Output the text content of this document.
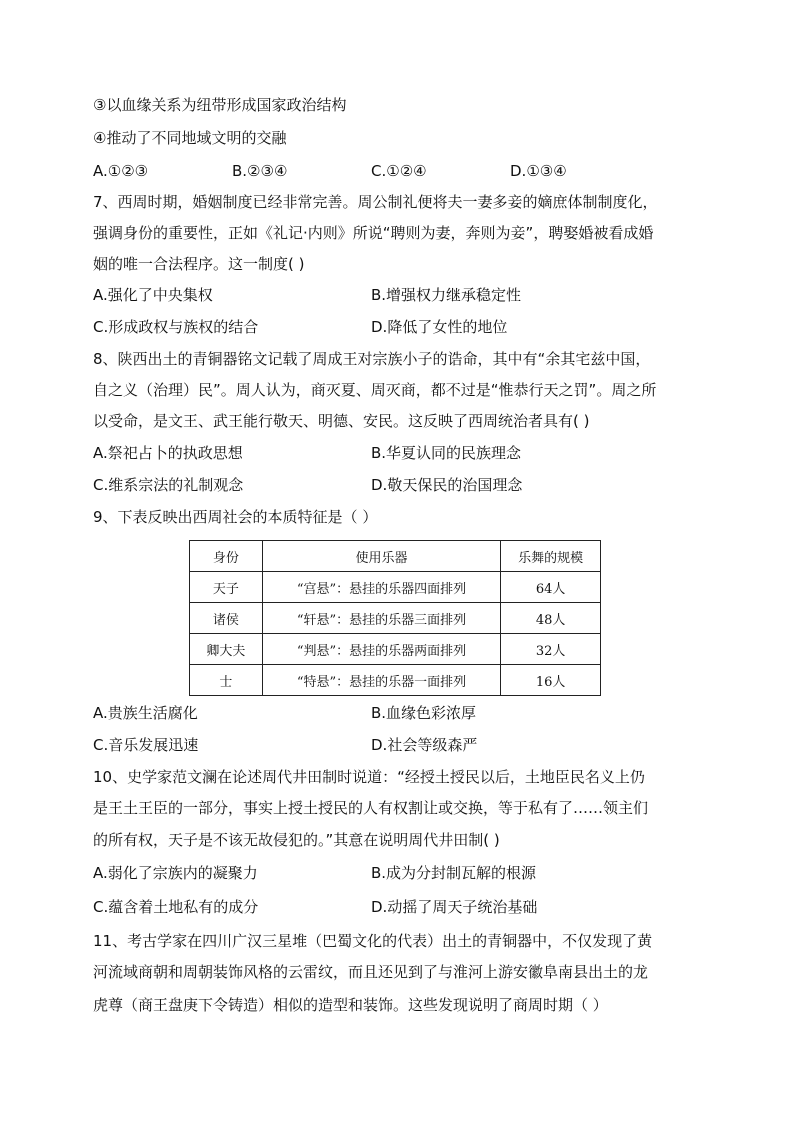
③以血缘关系为纽带形成国家政治结构
④推动了不同地域文明的交融
A.①②③	B.②③④	C.①②④	D.①③④
7、西周时期，婚姻制度已经非常完善。周公制礼便将夫一妻多妾的嫡庶体制制度化，
强调身份的重要性，正如《礼记·内则》所说“聘则为妻，奔则为妾”，聘娶婚被看成婚
姻的唯一合法程序。这一制度( )
A.强化了中央集权	B.增强权力继承稳定性
C.形成政权与族权的结合	D.降低了女性的地位
8、陕西出土的青铜器铭文记载了周成王对宗族小子的诰命，其中有“余其宅兹中国，
自之义（治理）民”。周人认为，商灭夏、周灭商，都不过是“惟恭行天之罚”。周之所
以受命，是文王、武王能行敬天、明德、安民。这反映了西周统治者具有( )
A.祭祀占卜的执政思想	B.华夏认同的民族理念
C.维系宗法的礼制观念	D.敬天保民的治国理念
9、下表反映出西周社会的本质特征是（ ）
身份	使用乐器	乐舞的规模
天子	“宫悬”：悬挂的乐器四面排列	64人
诸侯	“轩悬”：悬挂的乐器三面排列	48人
卿大夫	“判悬”：悬挂的乐器两面排列	32人
士	“特悬”：悬挂的乐器一面排列	16人
A.贵族生活腐化	B.血缘色彩浓厚
C.音乐发展迅速	D.社会等级森严
10、史学家范文澜在论述周代井田制时说道：“经授土授民以后，土地臣民名义上仍
是王土王臣的一部分，事实上授土授民的人有权割让或交换，等于私有了……领主们
的所有权，天子是不该无故侵犯的。”其意在说明周代井田制( )
A.弱化了宗族内的凝聚力	B.成为分封制瓦解的根源
C.蕴含着土地私有的成分	D.动摇了周天子统治基础
11、考古学家在四川广汉三星堆（巴蜀文化的代表）出土的青铜器中，不仅发现了黄
河流域商朝和周朝装饰风格的云雷纹，而且还见到了与淮河上游安徽阜南县出土的龙
虎尊（商王盘庚下令铸造）相似的造型和装饰。这些发现说明了商周时期（ ）
